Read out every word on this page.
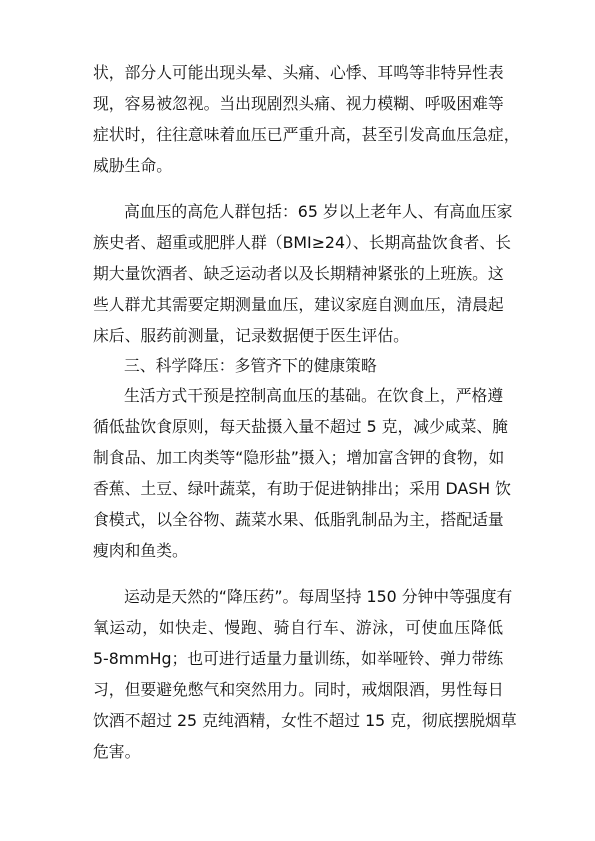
状，部分人可能出现头晕、头痛、心悸、耳鸣等非特异性表
现，容易被忽视。当出现剧烈头痛、视力模糊、呼吸困难等
症状时，往往意味着血压已严重升高，甚至引发高血压急症，
威胁生命。
高血压的高危人群包括：65 岁以上老年人、有高血压家
族史者、超重或肥胖人群（BMI≥24）、长期高盐饮食者、长
期大量饮酒者、缺乏运动者以及长期精神紧张的上班族。这
些人群尤其需要定期测量血压，建议家庭自测血压，清晨起
床后、服药前测量，记录数据便于医生评估。
三、科学降压：多管齐下的健康策略
生活方式干预是控制高血压的基础。在饮食上，严格遵
循低盐饮食原则，每天盐摄入量不超过 5 克，减少咸菜、腌
制食品、加工肉类等“隐形盐”摄入；增加富含钾的食物，如
香蕉、土豆、绿叶蔬菜，有助于促进钠排出；采用 DASH 饮
食模式，以全谷物、蔬菜水果、低脂乳制品为主，搭配适量
瘦肉和鱼类。
运动是天然的“降压药”。每周坚持 150 分钟中等强度有
氧运动，如快走、慢跑、骑自行车、游泳，可使血压降低
5-8mmHg；也可进行适量力量训练，如举哑铃、弹力带练
习，但要避免憋气和突然用力。同时，戒烟限酒，男性每日
饮酒不超过 25 克纯酒精，女性不超过 15 克，彻底摆脱烟草
危害。
